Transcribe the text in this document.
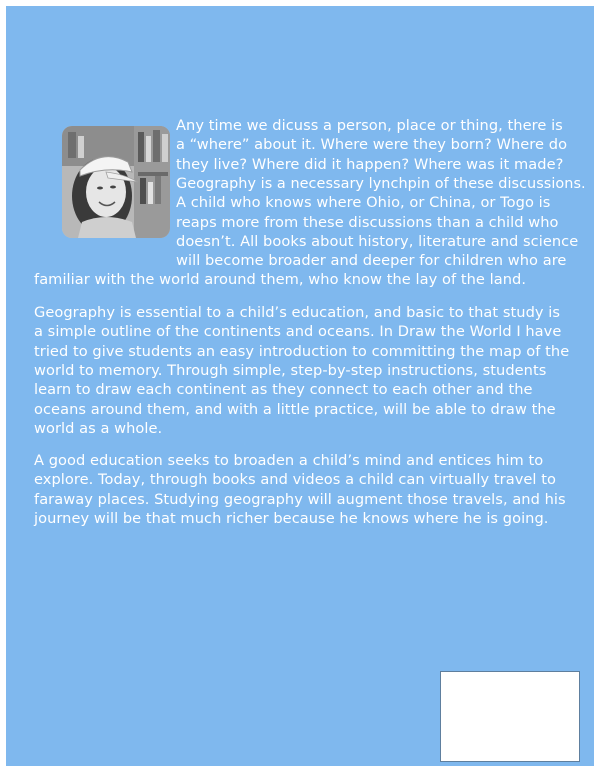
Any time we dicuss a person, place or thing, there is
a “where” about it. Where were they born? Where do
they live? Where did it happen? Where was it made?
Geography is a necessary lynchpin of these discussions.
A child who knows where Ohio, or China, or Togo is
reaps more from these discussions than a child who
doesn’t. All books about history, literature and science
will become broader and deeper for children who are
familiar with the world around them, who know the lay of the land.
Geography is essential to a child’s education, and basic to that study is
a simple outline of the continents and oceans. In Draw the World I have
tried to give students an easy introduction to committing the map of the
world to memory. Through simple, step-by-step instructions, students
learn to draw each continent as they connect to each other and the
oceans around them, and with a little practice, will be able to draw the
world as a whole.
A good education seeks to broaden a child’s mind and entices him to
explore. Today, through books and videos a child can virtually travel to
faraway places. Studying geography will augment those travels, and his
journey will be that much richer because he knows where he is going.
